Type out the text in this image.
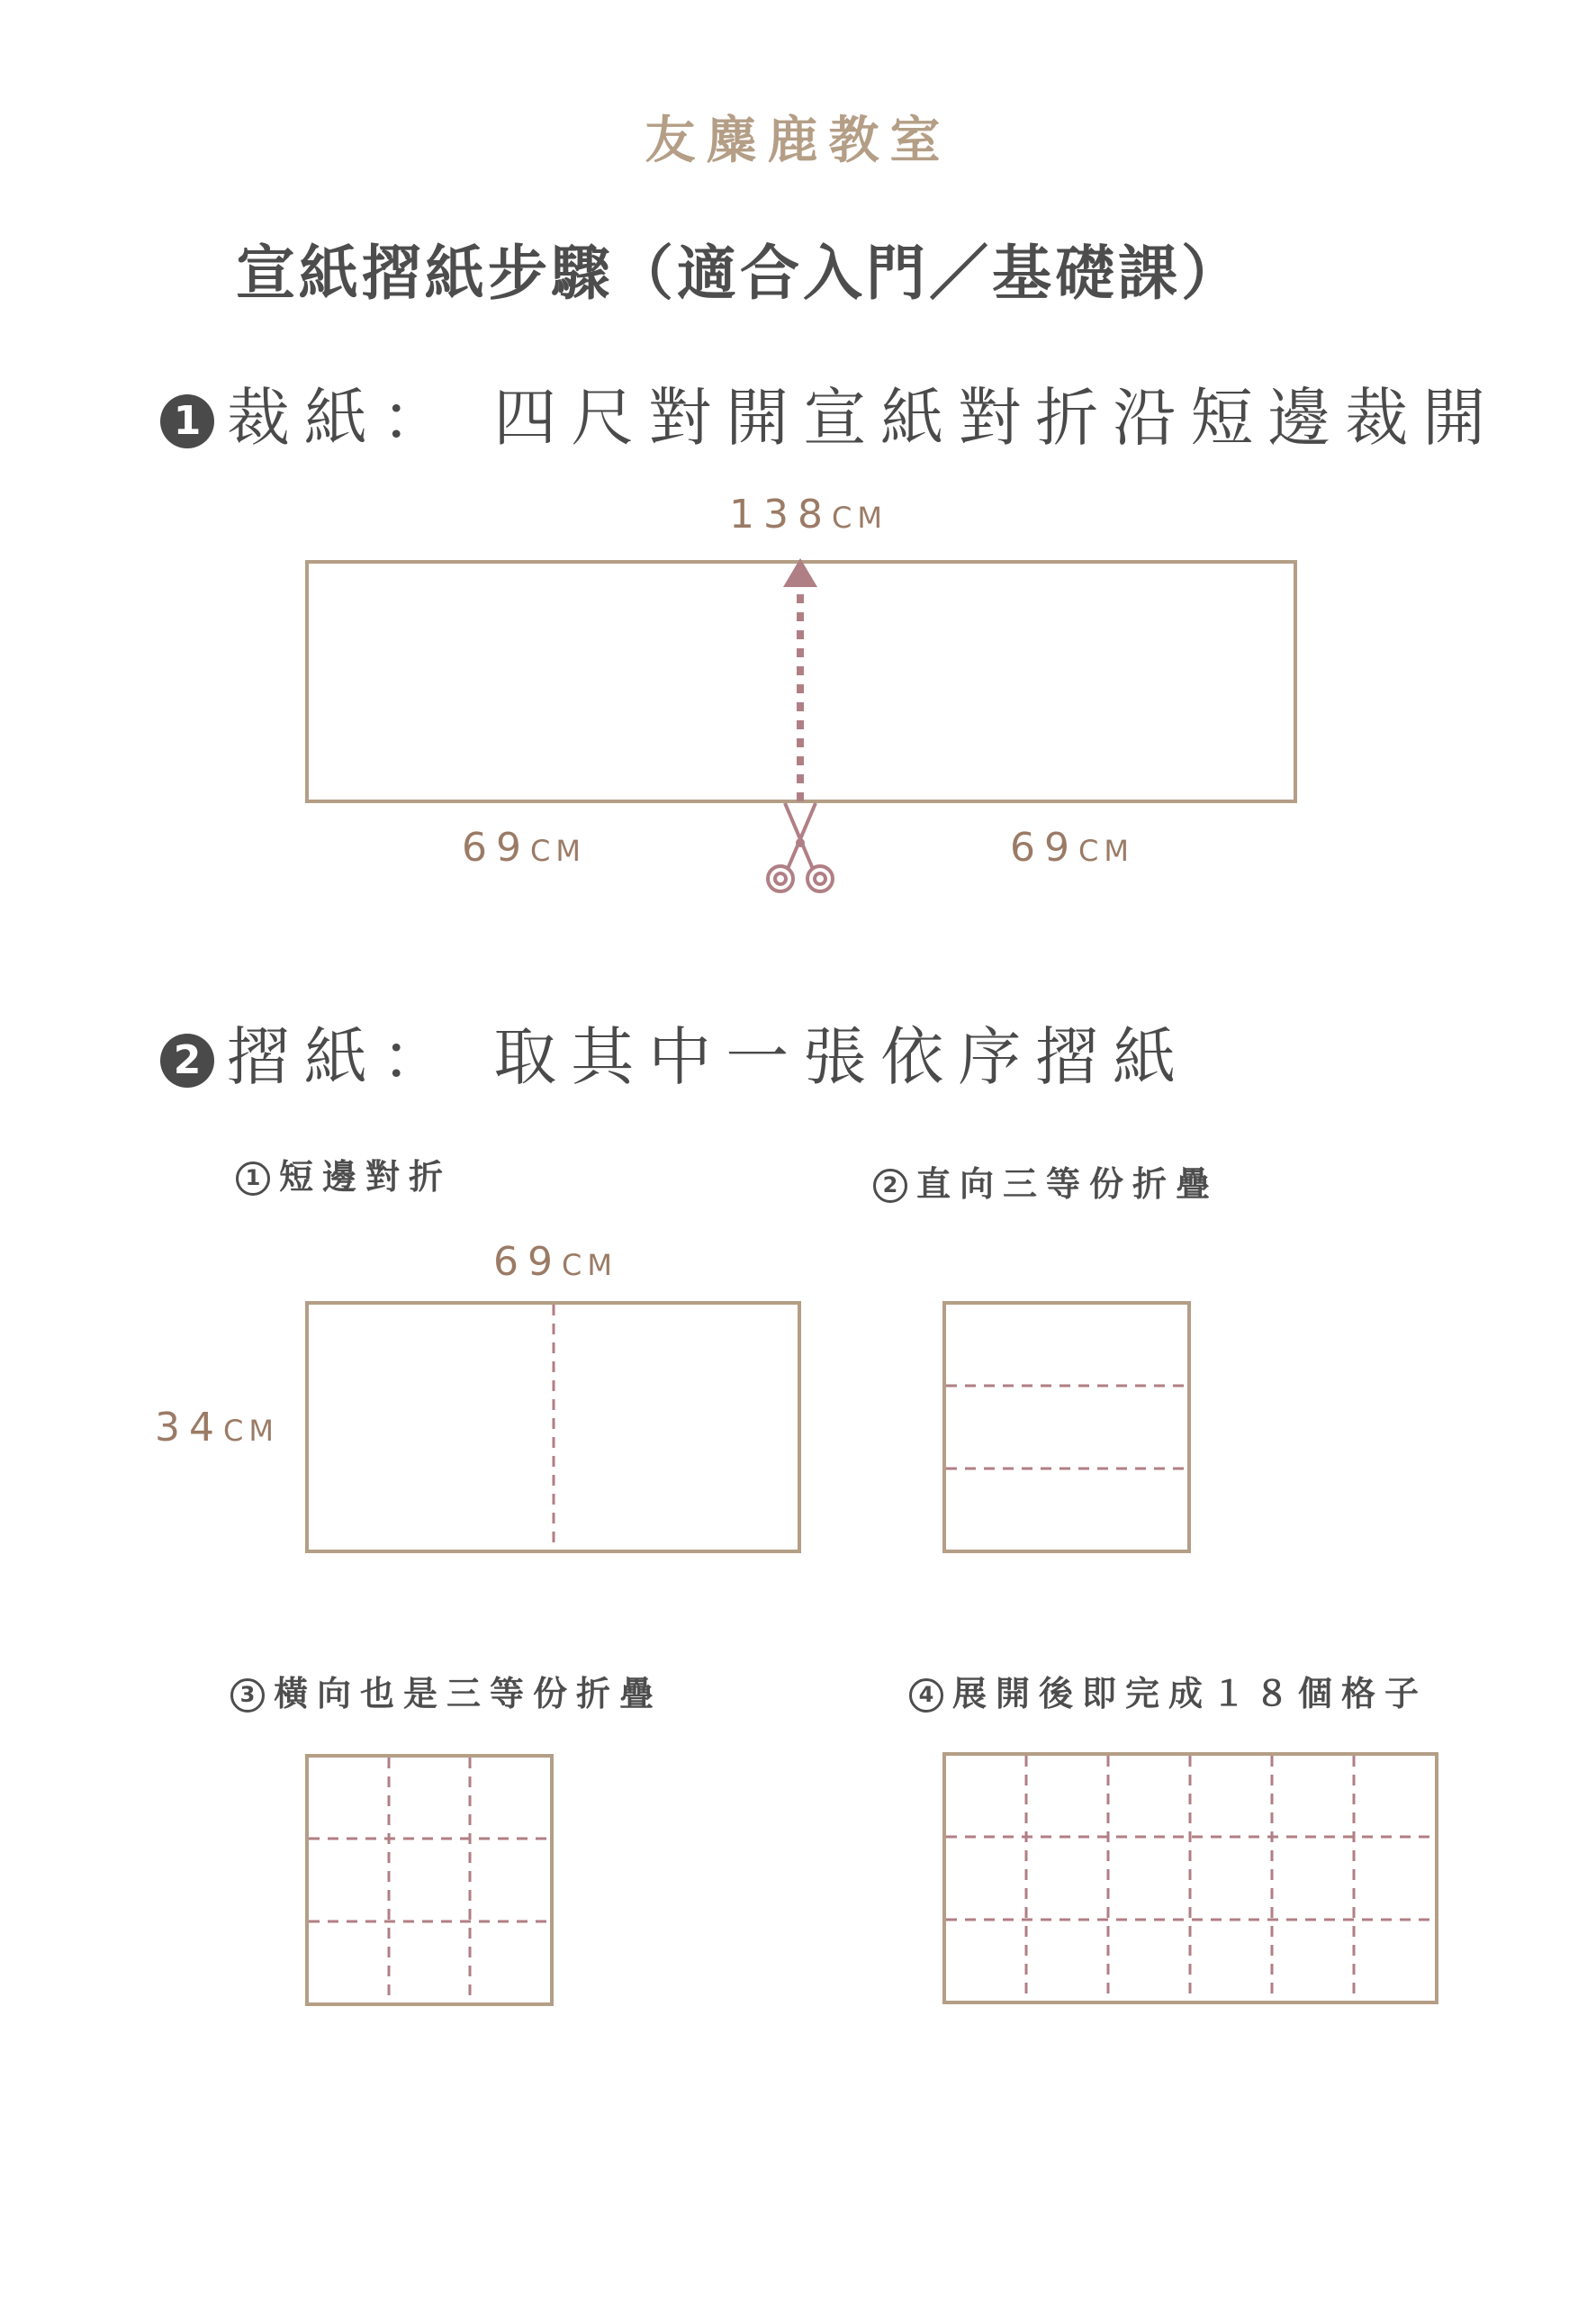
友麋鹿教室
宣紙摺紙步驟（適合入門／基礎課）
1 裁紙： 四尺對開宣紙對折沿短邊裁開
138CM
69CM	69CM
2 摺紙： 取其中一張依序摺紙
1 短邊對折	2 直向三等份折疊
3 橫向也是三等份折疊	4 展開後即完成１８個格子
69CM
34CM
